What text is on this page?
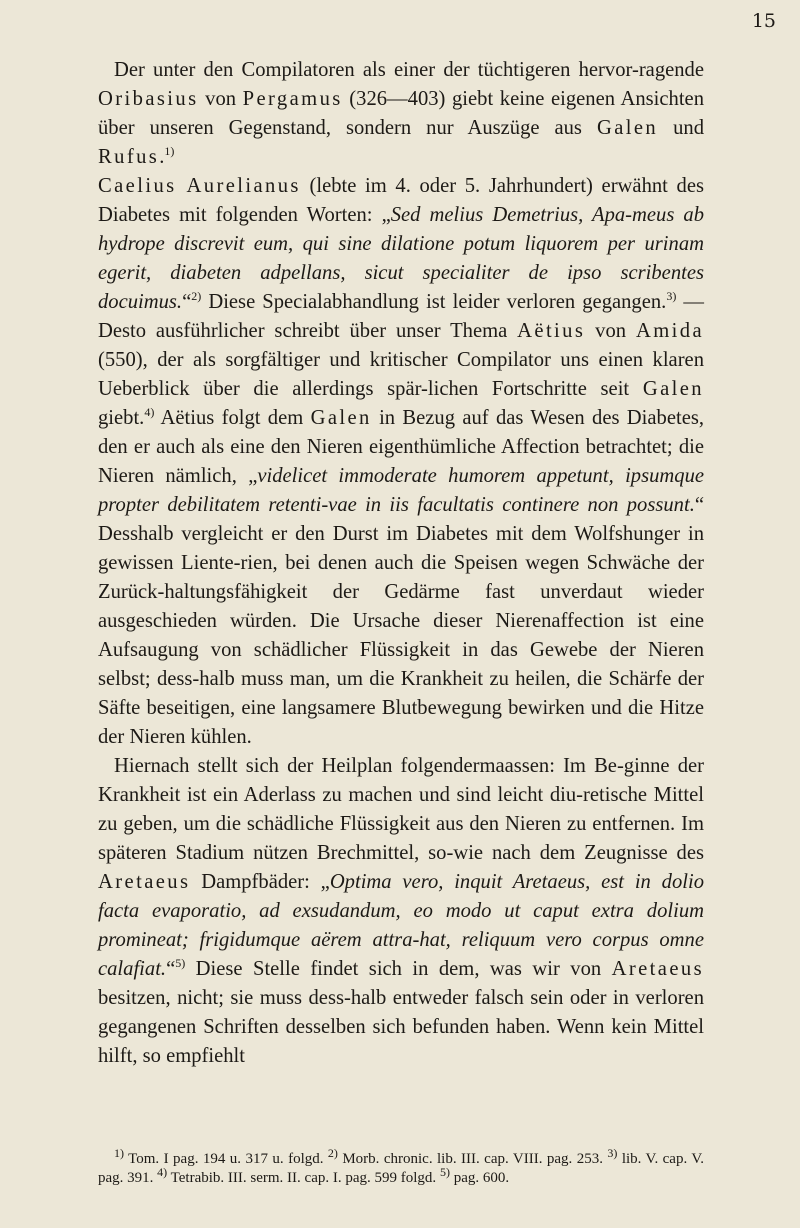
15

Der unter den Compilatoren als einer der tüchtigeren hervor-ragende Oribasius von Pergamus (326—403) giebt keine eigenen Ansichten über unseren Gegenstand, sondern nur Auszüge aus Galen und Rufus.$^{1)}$

Caelius Aurelianus (lebte im 4. oder 5. Jahrhundert) erwähnt des Diabetes mit folgenden Worten: „Sed melius Demetrius, Apa-meus ab hydrope discrevit eum, qui sine dilatione potum liquorem per urinam egerit, diabeten adpellans, sicut specialiter de ipso scribentes docuimus.“$^{2)}$ Diese Specialabhandlung ist leider verloren gegangen.$^{3)}$ — Desto ausführlicher schreibt über unser Thema Aëtius von Amida (550), der als sorgfältiger und kritischer Compilator uns einen klaren Ueberblick über die allerdings spär-lichen Fortschritte seit Galen giebt.$^{4)}$ Aëtius folgt dem Galen in Bezug auf das Wesen des Diabetes, den er auch als eine den Nieren eigenthümliche Affection betrachtet; die Nieren nämlich, „videlicet immoderate humorem appetunt, ipsumque propter debilitatem retenti-vae in iis facultatis continere non possunt.“ Desshalb vergleicht er den Durst im Diabetes mit dem Wolfshunger in gewissen Liente-rien, bei denen auch die Speisen wegen Schwäche der Zurück-haltungsfähigkeit der Gedärme fast unverdaut wieder ausgeschieden würden. Die Ursache dieser Nierenaffection ist eine Aufsaugung von schädlicher Flüssigkeit in das Gewebe der Nieren selbst; dess-halb muss man, um die Krankheit zu heilen, die Schärfe der Säfte beseitigen, eine langsamere Blutbewegung bewirken und die Hitze der Nieren kühlen.

Hiernach stellt sich der Heilplan folgendermaassen: Im Be-ginne der Krankheit ist ein Aderlass zu machen und sind leicht diu-retische Mittel zu geben, um die schädliche Flüssigkeit aus den Nieren zu entfernen. Im späteren Stadium nützen Brechmittel, so-wie nach dem Zeugnisse des Aretaeus Dampfbäder: „Optima vero, inquit Aretaeus, est in dolio facta evaporatio, ad exsudandum, eo modo ut caput extra dolium promineat; frigidumque aërem attra-hat, reliquum vero corpus omne calafiat.“$^{5)}$ Diese Stelle findet sich in dem, was wir von Aretaeus besitzen, nicht; sie muss dess-halb entweder falsch sein oder in verloren gegangenen Schriften desselben sich befunden haben. Wenn kein Mittel hilft, so empfiehlt

$^{1)}$ Tom. I pag. 194 u. 317 u. folgd. $^{2)}$ Morb. chronic. lib. III. cap. VIII. pag. 253. $^{3)}$ lib. V. cap. V. pag. 391. $^{4)}$ Tetrabib. III. serm. II. cap. I. pag. 599 folgd. $^{5)}$ pag. 600.
